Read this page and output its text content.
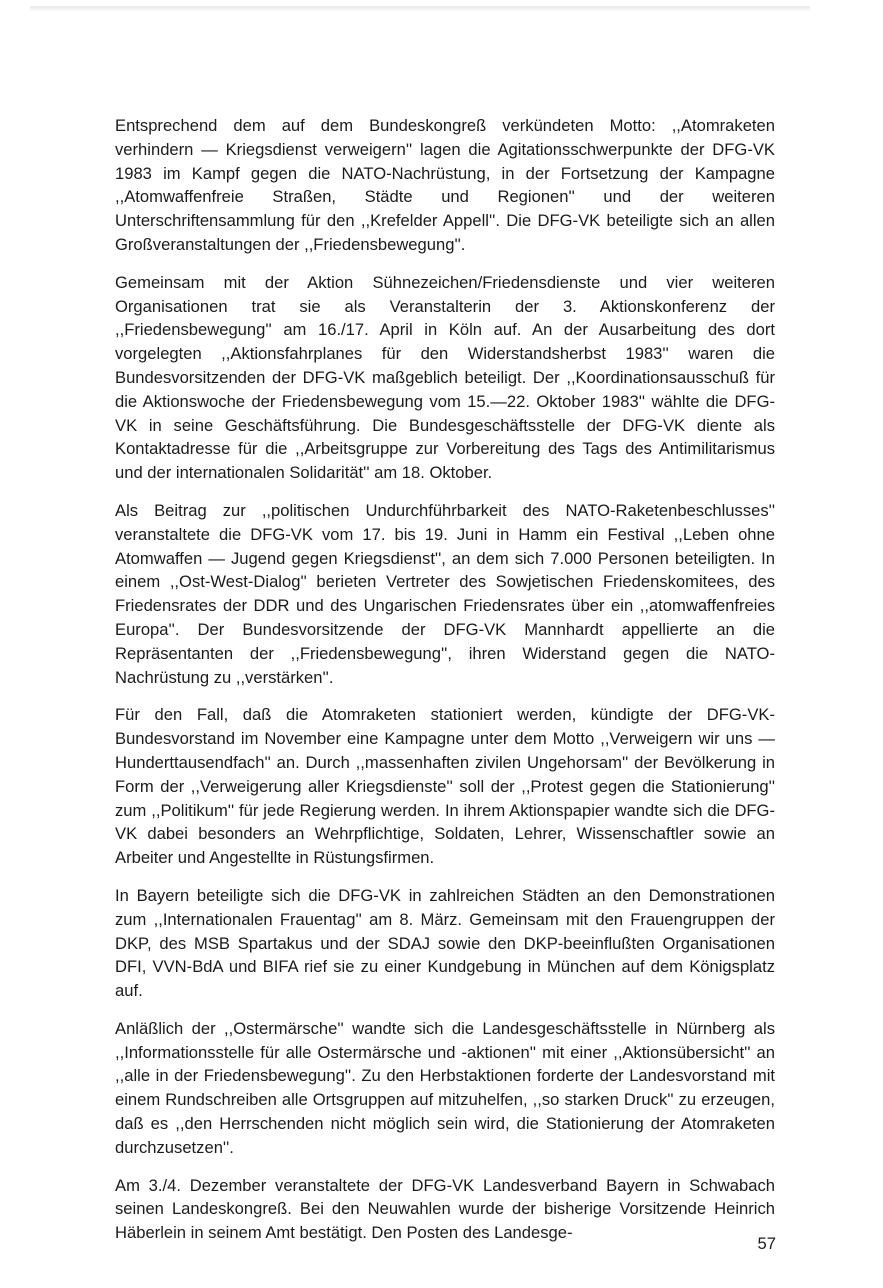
Entsprechend dem auf dem Bundeskongreß verkündeten Motto: ,,Atomraketen verhindern — Kriegsdienst verweigern'' lagen die Agitationsschwerpunkte der DFG-VK 1983 im Kampf gegen die NATO-Nachrüstung, in der Fortsetzung der Kampagne ,,Atomwaffenfreie Straßen, Städte und Regionen'' und der weiteren Unterschriftensammlung für den ,,Krefelder Appell''. Die DFG-VK beteiligte sich an allen Großveranstaltungen der ,,Friedensbewegung''.

Gemeinsam mit der Aktion Sühnezeichen/Friedensdienste und vier weiteren Organisationen trat sie als Veranstalterin der 3. Aktionskonferenz der ,,Friedensbewegung'' am 16./17. April in Köln auf. An der Ausarbeitung des dort vorgelegten ,,Aktionsfahrplanes für den Widerstandsherbst 1983'' waren die Bundesvorsitzenden der DFG-VK maßgeblich beteiligt. Der ,,Koordinationsausschuß für die Aktionswoche der Friedensbewegung vom 15.—22. Oktober 1983'' wählte die DFG-VK in seine Geschäftsführung. Die Bundesgeschäftsstelle der DFG-VK diente als Kontaktadresse für die ,,Arbeitsgruppe zur Vorbereitung des Tags des Antimilitarismus und der internationalen Solidarität'' am 18. Oktober.

Als Beitrag zur ,,politischen Undurchführbarkeit des NATO-Raketenbeschlusses'' veranstaltete die DFG-VK vom 17. bis 19. Juni in Hamm ein Festival ,,Leben ohne Atomwaffen — Jugend gegen Kriegsdienst'', an dem sich 7.000 Personen beteiligten. In einem ,,Ost-West-Dialog'' berieten Vertreter des Sowjetischen Friedenskomitees, des Friedensrates der DDR und des Ungarischen Friedensrates über ein ,,atomwaffenfreies Europa''. Der Bundesvorsitzende der DFG-VK Mannhardt appellierte an die Repräsentanten der ,,Friedensbewegung'', ihren Widerstand gegen die NATO-Nachrüstung zu ,,verstärken''.

Für den Fall, daß die Atomraketen stationiert werden, kündigte der DFG-VK-Bundesvorstand im November eine Kampagne unter dem Motto ,,Verweigern wir uns — Hunderttausendfach'' an. Durch ,,massenhaften zivilen Ungehorsam'' der Bevölkerung in Form der ,,Verweigerung aller Kriegsdienste'' soll der ,,Protest gegen die Stationierung'' zum ,,Politikum'' für jede Regierung werden. In ihrem Aktionspapier wandte sich die DFG-VK dabei besonders an Wehrpflichtige, Soldaten, Lehrer, Wissenschaftler sowie an Arbeiter und Angestellte in Rüstungsfirmen.

In Bayern beteiligte sich die DFG-VK in zahlreichen Städten an den Demonstrationen zum ,,Internationalen Frauentag'' am 8. März. Gemeinsam mit den Frauengruppen der DKP, des MSB Spartakus und der SDAJ sowie den DKP-beeinflußten Organisationen DFI, VVN-BdA und BIFA rief sie zu einer Kundgebung in München auf dem Königsplatz auf.

Anläßlich der ,,Ostermärsche'' wandte sich die Landesgeschäftsstelle in Nürnberg als ,,Informationsstelle für alle Ostermärsche und -aktionen'' mit einer ,,Aktionsübersicht'' an ,,alle in der Friedensbewegung''. Zu den Herbstaktionen forderte der Landesvorstand mit einem Rundschreiben alle Ortsgruppen auf mitzuhelfen, ,,so starken Druck'' zu erzeugen, daß es ,,den Herrschenden nicht möglich sein wird, die Stationierung der Atomraketen durchzusetzen''.

Am 3./4. Dezember veranstaltete der DFG-VK Landesverband Bayern in Schwabach seinen Landeskongreß. Bei den Neuwahlen wurde der bisherige Vorsitzende Heinrich Häberlein in seinem Amt bestätigt. Den Posten des Landesge-

57
